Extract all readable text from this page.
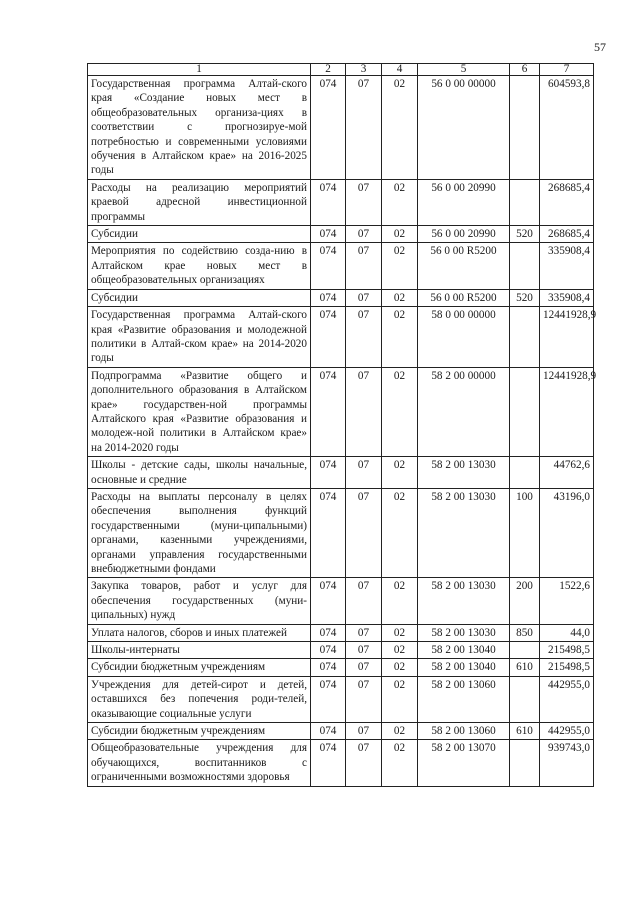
57
1	2	3	4	5	6	7
Государственная программа Алтай-ского края «Создание новых мест в общеобразовательных организа-циях в соответствии с прогнозируе-мой потребностью и современными условиями обучения в Алтайском крае» на 2016-2025 годы	074	07	02	56 0 00 00000		604593,8
Расходы на реализацию мероприятий краевой адресной инвестиционной программы	074	07	02	56 0 00 20990		268685,4
Субсидии	074	07	02	56 0 00 20990	520	268685,4
Мероприятия по содействию созда-нию в Алтайском крае новых мест в общеобразовательных организациях	074	07	02	56 0 00 R5200		335908,4
Субсидии	074	07	02	56 0 00 R5200	520	335908,4
Государственная программа Алтай-ского края «Развитие образования и молодежной политики в Алтай-ском крае» на 2014-2020 годы	074	07	02	58 0 00 00000		12441928,9
Подпрограмма «Развитие общего и дополнительного образования в Алтайском крае» государствен-ной программы Алтайского края «Развитие образования и молодеж-ной политики в Алтайском крае» на 2014-2020 годы	074	07	02	58 2 00 00000		12441928,9
Школы - детские сады, школы начальные, основные и средние	074	07	02	58 2 00 13030		44762,6
Расходы на выплаты персоналу в целях обеспечения выполнения функций государственными (муни-ципальными) органами, казенными учреждениями, органами управления государственными внебюджетными фондами	074	07	02	58 2 00 13030	100	43196,0
Закупка товаров, работ и услуг для обеспечения государственных (муни-ципальных) нужд	074	07	02	58 2 00 13030	200	1522,6
Уплата налогов, сборов и иных платежей	074	07	02	58 2 00 13030	850	44,0
Школы-интернаты	074	07	02	58 2 00 13040		215498,5
Субсидии бюджетным учреждениям	074	07	02	58 2 00 13040	610	215498,5
Учреждения для детей-сирот и детей, оставшихся без попечения роди-телей, оказывающие социальные услуги	074	07	02	58 2 00 13060		442955,0
Субсидии бюджетным учреждениям	074	07	02	58 2 00 13060	610	442955,0
Общеобразовательные учреждения для обучающихся, воспитанников с ограниченными возможностями здоровья	074	07	02	58 2 00 13070		939743,0
